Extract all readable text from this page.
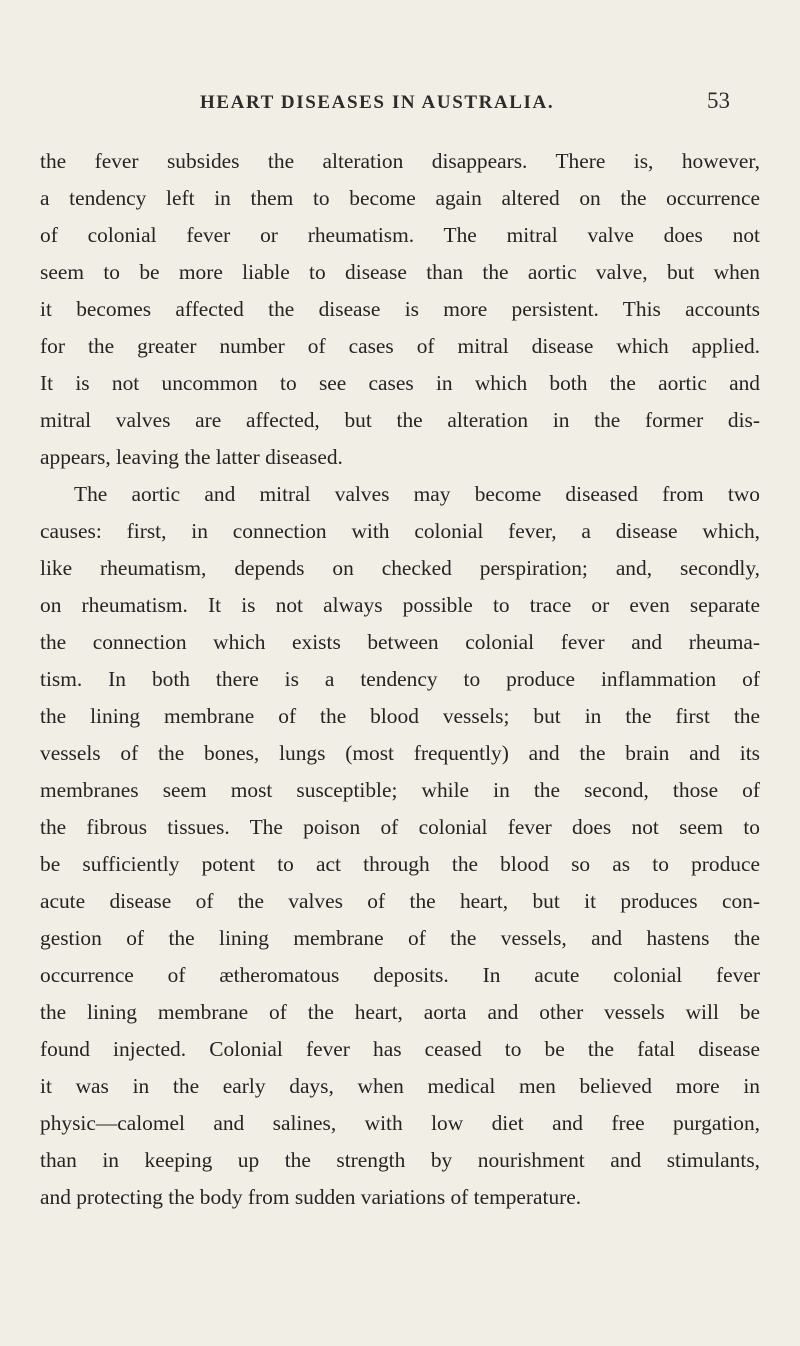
HEART DISEASES IN AUSTRALIA.	53
the fever subsides the alteration disappears. There is, however,
a tendency left in them to become again altered on the occurrence
of colonial fever or rheumatism. The mitral valve does not
seem to be more liable to disease than the aortic valve, but when
it becomes affected the disease is more persistent. This accounts
for the greater number of cases of mitral disease which applied.
It is not uncommon to see cases in which both the aortic and
mitral valves are affected, but the alteration in the former dis-
appears, leaving the latter diseased.
The aortic and mitral valves may become diseased from two
causes: first, in connection with colonial fever, a disease which,
like rheumatism, depends on checked perspiration; and, secondly,
on rheumatism. It is not always possible to trace or even separate
the connection which exists between colonial fever and rheuma-
tism. In both there is a tendency to produce inflammation of
the lining membrane of the blood vessels; but in the first the
vessels of the bones, lungs (most frequently) and the brain and its
membranes seem most susceptible; while in the second, those of
the fibrous tissues. The poison of colonial fever does not seem to
be sufficiently potent to act through the blood so as to produce
acute disease of the valves of the heart, but it produces con-
gestion of the lining membrane of the vessels, and hastens the
occurrence of ætheromatous deposits. In acute colonial fever
the lining membrane of the heart, aorta and other vessels will be
found injected. Colonial fever has ceased to be the fatal disease
it was in the early days, when medical men believed more in
physic—calomel and salines, with low diet and free purgation,
than in keeping up the strength by nourishment and stimulants,
and protecting the body from sudden variations of temperature.
